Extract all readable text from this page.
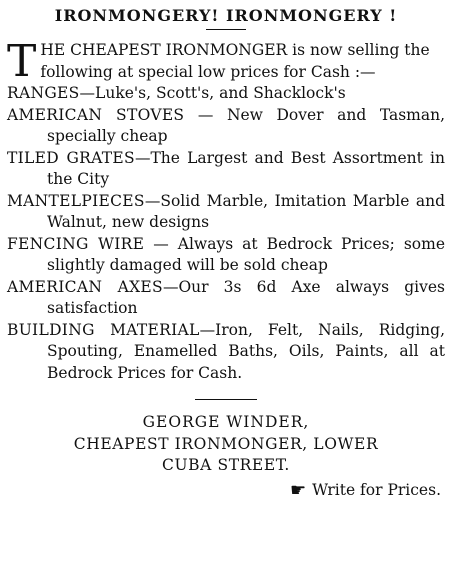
IRONMONGERY! IRONMONGERY !
T HE CHEAPEST IRONMONGER is now selling the following at special low prices for Cash :—
RANGES—Luke's, Scott's, and Shacklock's
AMERICAN STOVES — New Dover and Tasman, specially cheap
TILED GRATES—The Largest and Best Assortment in the City
MANTELPIECES—Solid Marble, Imitation Marble and Walnut, new designs
FENCING WIRE — Always at Bedrock Prices; some slightly damaged will be sold cheap
AMERICAN AXES—Our 3s 6d Axe always gives satisfaction
BUILDING MATERIAL—Iron, Felt, Nails, Ridging, Spouting, Enamelled Baths, Oils, Paints, all at Bedrock Prices for Cash.
GEORGE WINDER,
CHEAPEST IRONMONGER, LOWER
CUBA STREET.
☛ Write for Prices.
